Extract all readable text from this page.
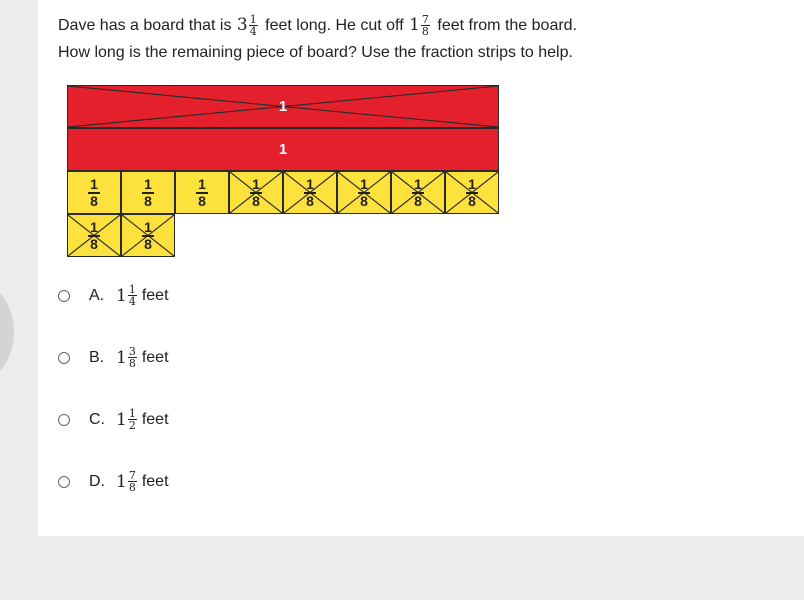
Dave has a board that is $3 \frac{1}{4}$ feet long. He cut off $1 \frac{7}{8}$ feet from the board.
How long is the remaining piece of board? Use the fraction strips to help.
1
1
$\frac{1}{8}$	$\frac{1}{8}$	$\frac{1}{8}$	$\frac{1}{8}$	$\frac{1}{8}$	$\frac{1}{8}$	$\frac{1}{8}$	$\frac{1}{8}$
$\frac{1}{8}$	$\frac{1}{8}$
A. $1 \frac{1}{4}$ feet
B. $1 \frac{3}{8}$ feet
C. $1 \frac{1}{2}$ feet
D. $1 \frac{7}{8}$ feet
